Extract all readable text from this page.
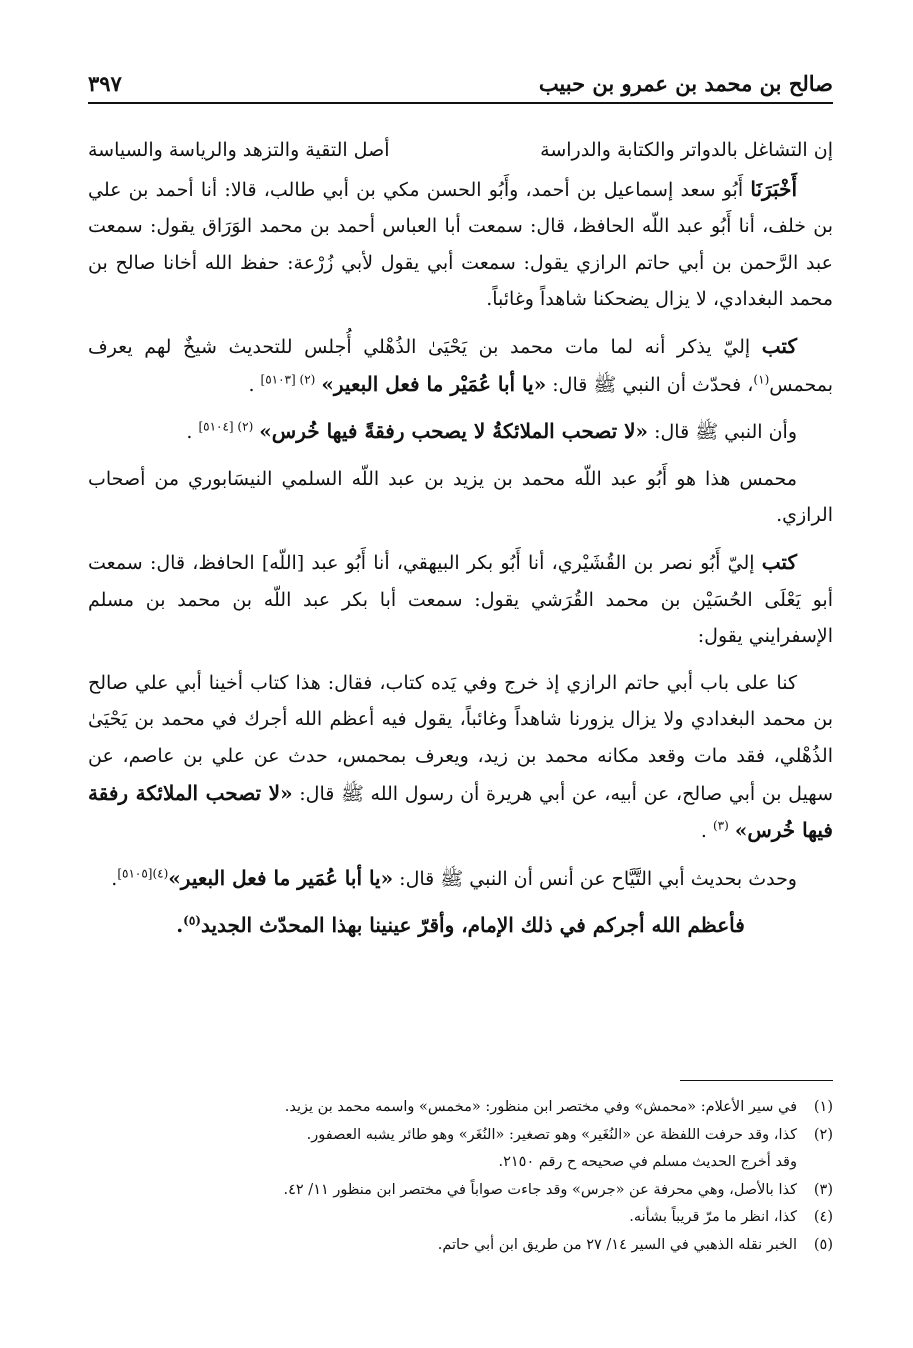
صالح بن محمد بن عمرو بن حبيب
٣٩٧
إن التشاغل بالدواتر والكتابة والدراسة
أصل التقية والتزهد والرياسة والسياسة

أَخْبَرَنَا أَبُو سعد إسماعيل بن أحمد، وأَبُو الحسن مكي بن أبي طالب، قالا: أنا أحمد بن علي بن خلف، أنا أَبُو عبد اللّه الحافظ، قال: سمعت أبا العباس أحمد بن محمد الوَرَاق يقول: سمعت عبد الرَّحمن بن أبي حاتم الرازي يقول: سمعت أبي يقول لأبي زُرْعة: حفظ الله أخانا صالح بن محمد البغدادي، لا يزال يضحكنا شاهداً وغائباً.

كتب إليّ يذكر أنه لما مات محمد بن يَحْيَىٰ الذُهْلي أُجلس للتحديث شيخٌ لهم يعرف بمحمس$^{(١)}$، فحدّث أن النبي ﷺ قال: «يا أبا عُمَيْر ما فعل البعير» $^{(٢) [٥١٠٣]}$ .

وأن النبي ﷺ قال: «لا تصحب الملائكةُ لا يصحب رفقةً فيها خُرس» $^{(٢) [٥١٠٤]}$ .

محمس هذا هو أَبُو عبد اللّه محمد بن يزيد بن عبد اللّه السلمي النيسَابوري من أصحاب الرازي.

كتب إليّ أَبُو نصر بن القُشَيْري، أنا أَبُو بكر البيهقي، أنا أَبُو عبد [اللّه] الحافظ، قال: سمعت أبو يَعْلَى الحُسَيْن بن محمد القُرَشي يقول: سمعت أبا بكر عبد اللّه بن محمد بن مسلم الإسفرايني يقول:

كنا على باب أبي حاتم الرازي إذ خرج وفي يَده كتاب، فقال: هذا كتاب أخينا أبي علي صالح بن محمد البغدادي ولا يزال يزورنا شاهداً وغائباً، يقول فيه أعظم الله أجرك في محمد بن يَحْيَىٰ الذُهْلي، فقد مات وقعد مكانه محمد بن زيد، ويعرف بمحمس، حدث عن علي بن عاصم، عن سهيل بن أبي صالح، عن أبيه، عن أبي هريرة أن رسول الله ﷺ قال: «لا تصحب الملائكة رفقة فيها خُرس» $^{(٣)}$ .

وحدث بحديث أبي التَّيَّاح عن أنس أن النبي ﷺ قال: «يا أبا عُمَير ما فعل البعير»$^{(٤)[٥١٠٥]}$.

فأعظم الله أجركم في ذلك الإمام، وأقرّ عينينا بهذا المحدّث الجديد$^{(٥)}$.

(١)
في سير الأعلام: «محمش» وفي مختصر ابن منظور: «مخمس» واسمه محمد بن يزيد.
(٢)
كذا، وقد حرفت اللفظة عن «النُغَير» وهو تصغير: «النُغَر» وهو طائر يشبه العصفور.
وقد أخرج الحديث مسلم في صحيحه ح رقم ٢١٥٠.
(٣)
كذا بالأصل، وهي محرفة عن «جرس» وقد جاءت صواباً في مختصر ابن منظور ١١/ ٤٢.
(٤)
كذا، انظر ما مرّ قريباً بشأنه.
(٥)
الخبر نقله الذهبي في السير ١٤/ ٢٧ من طريق ابن أبي حاتم.
